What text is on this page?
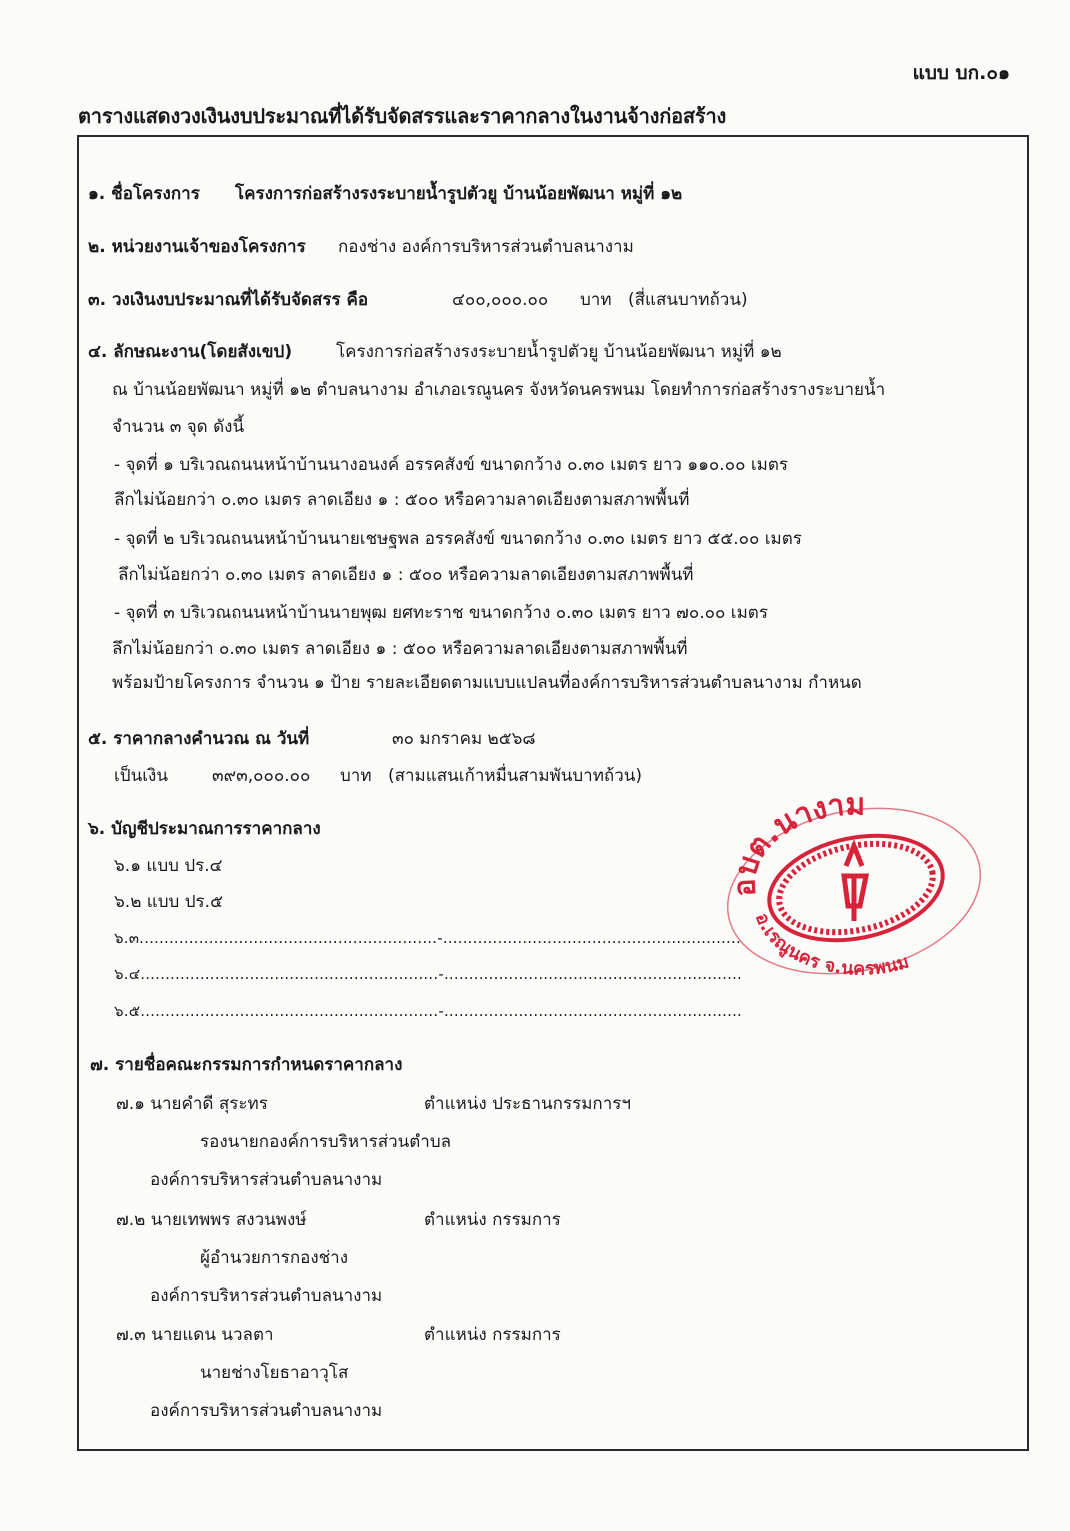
แบบ บก.๐๑
ตารางแสดงวงเงินงบประมาณที่ได้รับจัดสรรและราคากลางในงานจ้างก่อสร้าง
๑. ชื่อโครงการ โครงการก่อสร้างรงระบายน้ำรูปตัวยู บ้านน้อยพัฒนา หมู่ที่ ๑๒
๒. หน่วยงานเจ้าของโครงการ กองช่าง องค์การบริหารส่วนตำบลนางาม
๓. วงเงินงบประมาณที่ได้รับจัดสรร คือ	๔๐๐,๐๐๐.๐๐ บาท (สี่แสนบาทถ้วน)
๔. ลักษณะงาน(โดยสังเขป)	โครงการก่อสร้างรงระบายน้ำรูปตัวยู บ้านน้อยพัฒนา หมู่ที่ ๑๒
ณ บ้านน้อยพัฒนา หมู่ที่ ๑๒ ตำบลนางาม อำเภอเรณูนคร จังหวัดนครพนม โดยทำการก่อสร้างรางระบายน้ำ
จำนวน ๓ จุด ดังนี้
- จุดที่ ๑ บริเวณถนนหน้าบ้านนางอนงค์ อรรคสังข์ ขนาดกว้าง ๐.๓๐ เมตร ยาว ๑๑๐.๐๐ เมตร
ลึกไม่น้อยกว่า ๐.๓๐ เมตร ลาดเอียง ๑ : ๕๐๐ หรือความลาดเอียงตามสภาพพื้นที่
- จุดที่ ๒ บริเวณถนนหน้าบ้านนายเชษฐพล อรรคสังข์ ขนาดกว้าง ๐.๓๐ เมตร ยาว ๕๕.๐๐ เมตร
ลึกไม่น้อยกว่า ๐.๓๐ เมตร ลาดเอียง ๑ : ๕๐๐ หรือความลาดเอียงตามสภาพพื้นที่
- จุดที่ ๓ บริเวณถนนหน้าบ้านนายพุฒ ยศทะราช ขนาดกว้าง ๐.๓๐ เมตร ยาว ๗๐.๐๐ เมตร
ลึกไม่น้อยกว่า ๐.๓๐ เมตร ลาดเอียง ๑ : ๕๐๐ หรือความลาดเอียงตามสภาพพื้นที่
พร้อมป้ายโครงการ จำนวน ๑ ป้าย รายละเอียดตามแบบแปลนที่องค์การบริหารส่วนตำบลนางาม กำหนด
๕. ราคากลางคำนวณ ณ วันที่	๓๐ มกราคม ๒๕๖๘
เป็นเงิน	๓๙๓,๐๐๐.๐๐ บาท (สามแสนเก้าหมื่นสามพันบาทถ้วน)
๖. บัญชีประมาณการราคากลาง
๖.๑ แบบ ปร.๔
๖.๒ แบบ ปร.๕
๖.๓............................................................-............................................................
๖.๔............................................................-............................................................
๖.๕............................................................-............................................................
อบต.นางาม
อ.เรณูนคร จ.นครพนม
๗. รายชื่อคณะกรรมการกำหนดราคากลาง
๗.๑ นายคำดี สุระทร	ตำแหน่ง ประธานกรรมการฯ
รองนายกองค์การบริหารส่วนตำบล
องค์การบริหารส่วนตำบลนางาม
๗.๒ นายเทพพร สงวนพงษ์	ตำแหน่ง กรรมการ
ผู้อำนวยการกองช่าง
องค์การบริหารส่วนตำบลนางาม
๗.๓ นายแดน นวลตา	ตำแหน่ง กรรมการ
นายช่างโยธาอาวุโส
องค์การบริหารส่วนตำบลนางาม
